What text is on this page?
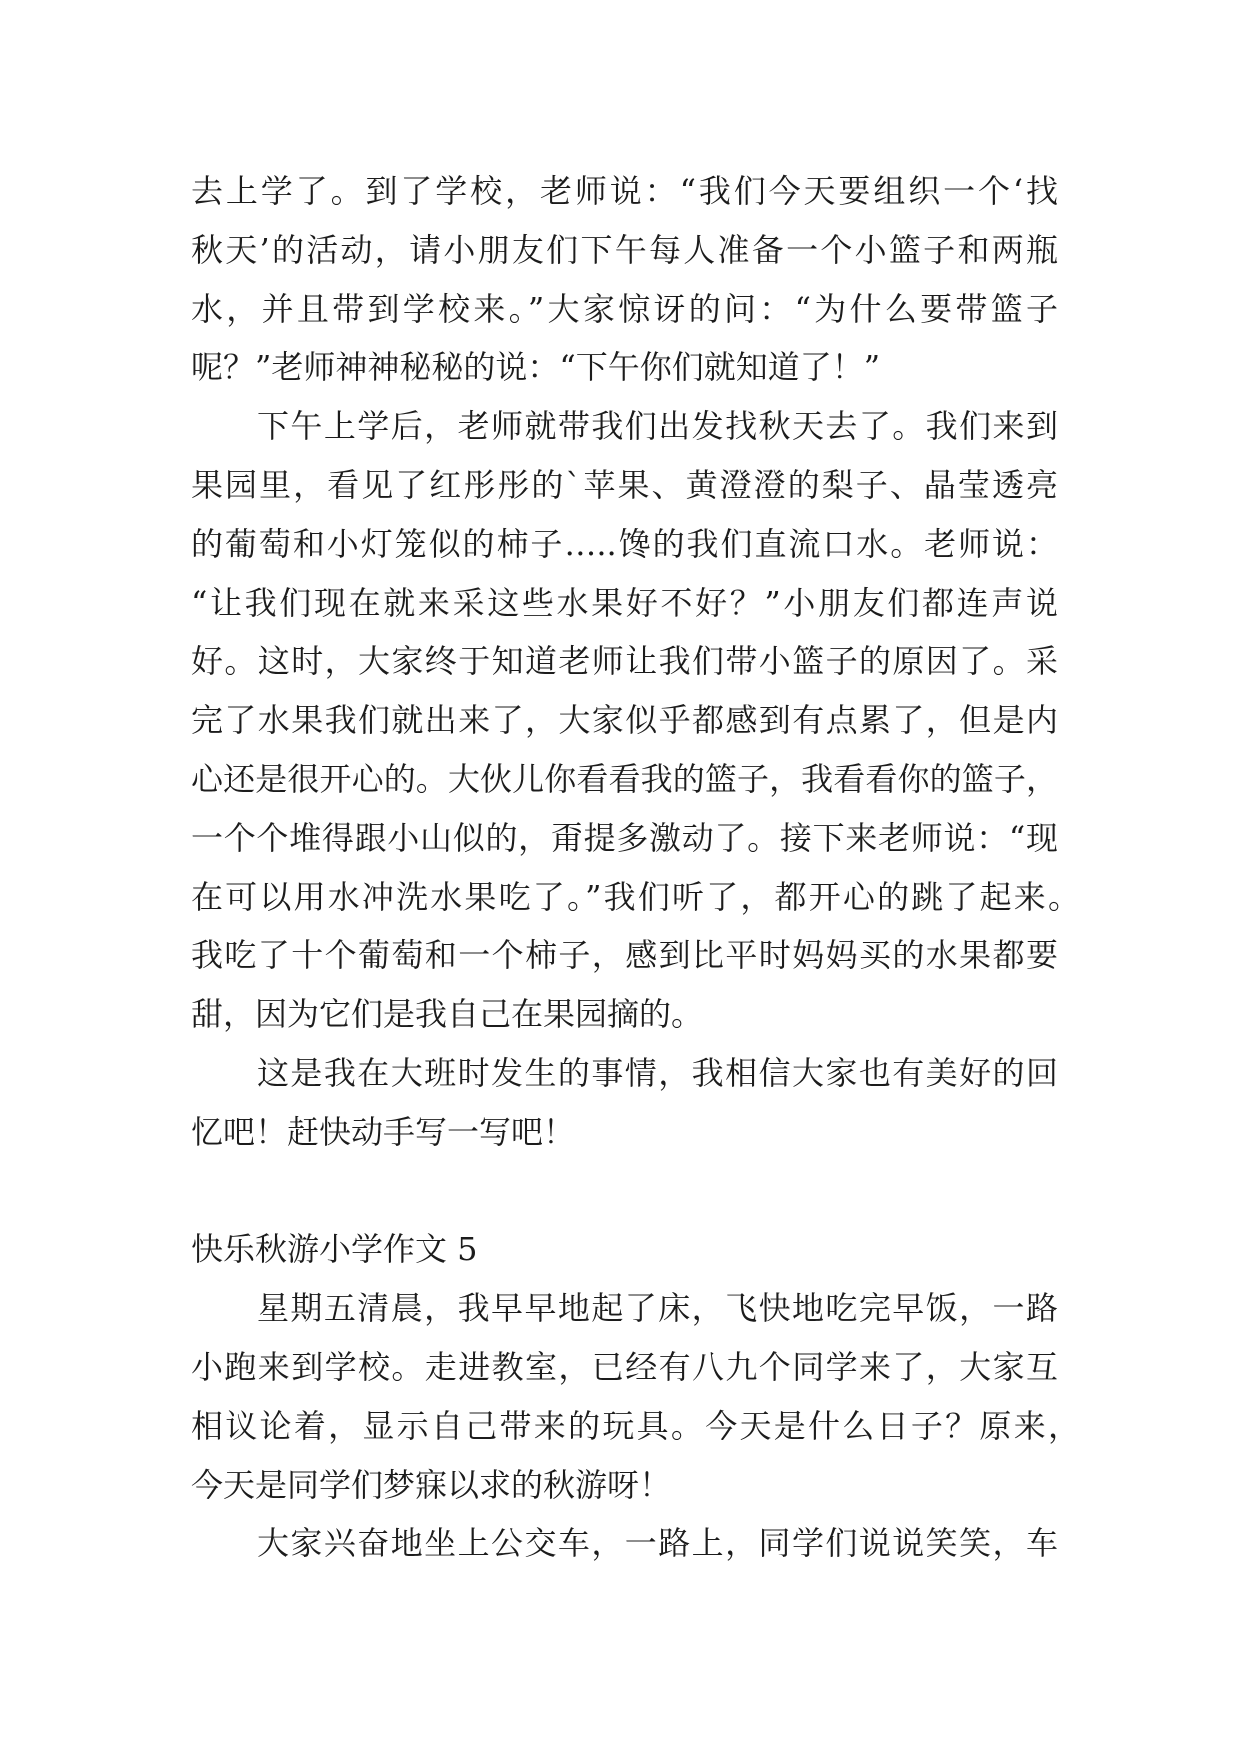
去上学了。到了学校，老师说：“我们今天要组织一个‘找
秋天’的活动，请小朋友们下午每人准备一个小篮子和两瓶
水，并且带到学校来。”大家惊讶的问：“为什么要带篮子
呢？”老师神神秘秘的说：“下午你们就知道了！”
下午上学后，老师就带我们出发找秋天去了。我们来到
果园里，看见了红彤彤的`苹果、黄澄澄的梨子、晶莹透亮
的葡萄和小灯笼似的柿子…..馋的我们直流口水。老师说：
“让我们现在就来采这些水果好不好？”小朋友们都连声说
好。这时，大家终于知道老师让我们带小篮子的原因了。采
完了水果我们就出来了，大家似乎都感到有点累了，但是内
心还是很开心的。大伙儿你看看我的篮子，我看看你的篮子，
一个个堆得跟小山似的，甭提多激动了。接下来老师说：“现
在可以用水冲洗水果吃了。”我们听了，都开心的跳了起来。
我吃了十个葡萄和一个柿子，感到比平时妈妈买的水果都要
甜，因为它们是我自己在果园摘的。
这是我在大班时发生的事情，我相信大家也有美好的回
忆吧！赶快动手写一写吧！
快乐秋游小学作文 5
星期五清晨，我早早地起了床，飞快地吃完早饭，一路
小跑来到学校。走进教室，已经有八九个同学来了，大家互
相议论着，显示自己带来的玩具。今天是什么日子？原来，
今天是同学们梦寐以求的秋游呀！
大家兴奋地坐上公交车，一路上，同学们说说笑笑，车
